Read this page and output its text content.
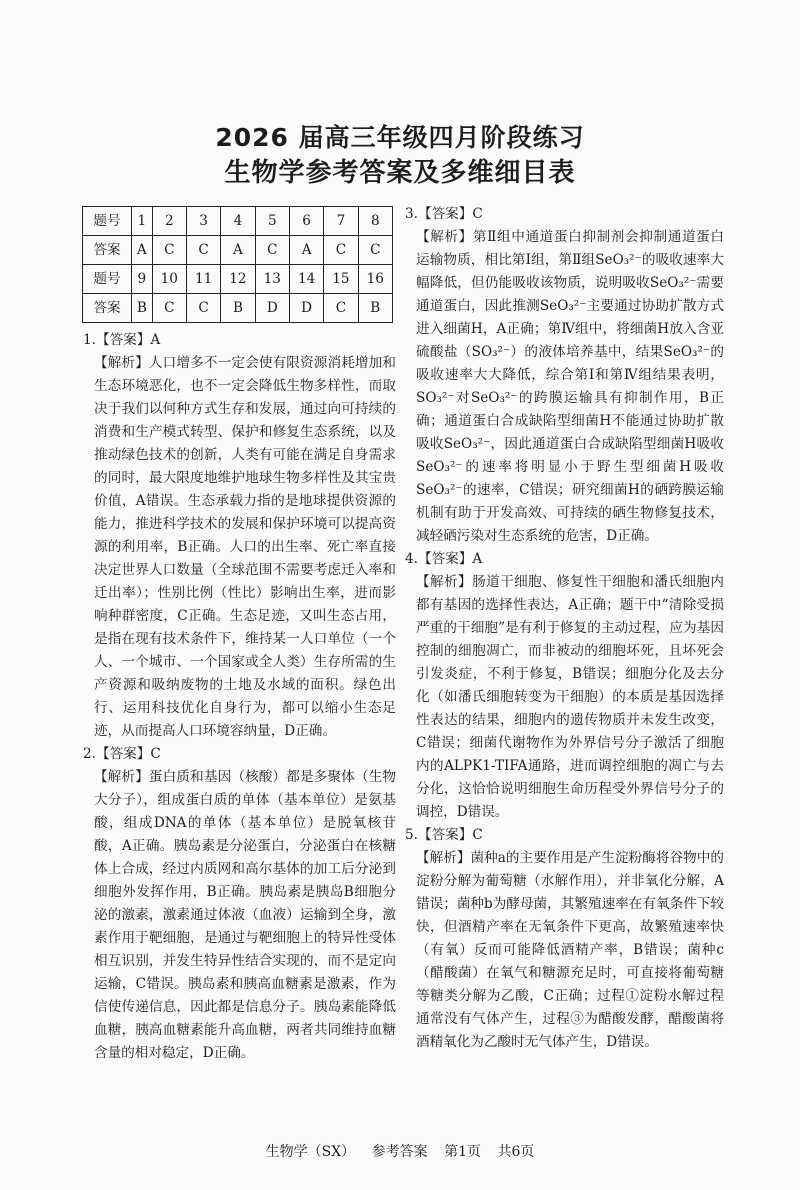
2026 届高三年级四月阶段练习
生物学参考答案及多维细目表
题号	1	2	3	4	5	6	7	8
答案	A	C	C	A	C	A	C	C
题号	9	10	11	12	13	14	15	16
答案	B	C	C	B	D	D	C	B
1.【答案】A

【解析】人口增多不一定会使有限资源消耗增加和生态环境恶化，也不一定会降低生物多样性，而取决于我们以何种方式生存和发展，通过向可持续的消费和生产模式转型、保护和修复生态系统，以及推动绿色技术的创新，人类有可能在满足自身需求的同时，最大限度地维护地球生物多样性及其宝贵价值，A错误。生态承载力指的是地球提供资源的能力，推进科学技术的发展和保护环境可以提高资源的利用率，B正确。人口的出生率、死亡率直接决定世界人口数量（全球范围不需要考虑迁入率和迁出率）；性别比例（性比）影响出生率，进而影响种群密度，C正确。生态足迹，又叫生态占用，是指在现有技术条件下，维持某一人口单位（一个人、一个城市、一个国家或全人类）生存所需的生产资源和吸纳废物的土地及水域的面积。绿色出行、运用科技优化自身行为，都可以缩小生态足迹，从而提高人口环境容纳量，D正确。

2.【答案】C

【解析】蛋白质和基因（核酸）都是多聚体（生物大分子），组成蛋白质的单体（基本单位）是氨基酸，组成DNA的单体（基本单位）是脱氧核苷酸，A正确。胰岛素是分泌蛋白，分泌蛋白在核糖体上合成，经过内质网和高尔基体的加工后分泌到细胞外发挥作用，B正确。胰岛素是胰岛B细胞分泌的激素，激素通过体液（血液）运输到全身，激素作用于靶细胞，是通过与靶细胞上的特异性受体相互识别，并发生特异性结合实现的，而不是定向运输，C错误。胰岛素和胰高血糖素是激素，作为信使传递信息，因此都是信息分子。胰岛素能降低血糖，胰高血糖素能升高血糖，两者共同维持血糖含量的相对稳定，D正确。

3.【答案】C

【解析】第Ⅱ组中通道蛋白抑制剂会抑制通道蛋白运输物质，相比第Ⅰ组，第Ⅱ组SeO₃²⁻的吸收速率大幅降低，但仍能吸收该物质，说明吸收SeO₃²⁻需要通道蛋白，因此推测SeO₃²⁻主要通过协助扩散方式进入细菌H，A正确；第Ⅳ组中，将细菌H放入含亚硫酸盐（SO₃²⁻）的液体培养基中，结果SeO₃²⁻的吸收速率大大降低，综合第Ⅰ和第Ⅳ组结果表明，SO₃²⁻对SeO₃²⁻的跨膜运输具有抑制作用，B正确；通道蛋白合成缺陷型细菌H不能通过协助扩散吸收SeO₃²⁻，因此通道蛋白合成缺陷型细菌H吸收SeO₃²⁻的速率将明显小于野生型细菌H吸收SeO₃²⁻的速率，C错误；研究细菌H的硒跨膜运输机制有助于开发高效、可持续的硒生物修复技术，减轻硒污染对生态系统的危害，D正确。

4.【答案】A

【解析】肠道干细胞、修复性干细胞和潘氏细胞内都有基因的选择性表达，A正确；题干中“清除受损严重的干细胞”是有利于修复的主动过程，应为基因控制的细胞凋亡，而非被动的细胞坏死，且坏死会引发炎症，不利于修复，B错误；细胞分化及去分化（如潘氏细胞转变为干细胞）的本质是基因选择性表达的结果，细胞内的遗传物质并未发生改变，C错误；细菌代谢物作为外界信号分子激活了细胞内的ALPK1-TIFA通路，进而调控细胞的凋亡与去分化，这恰恰说明细胞生命历程受外界信号分子的调控，D错误。

5.【答案】C

【解析】菌种a的主要作用是产生淀粉酶将谷物中的淀粉分解为葡萄糖（水解作用），并非氧化分解，A错误；菌种b为酵母菌，其繁殖速率在有氧条件下较快，但酒精产率在无氧条件下更高，故繁殖速率快（有氧）反而可能降低酒精产率，B错误；菌种c（醋酸菌）在氧气和糖源充足时，可直接将葡萄糖等糖类分解为乙酸，C正确；过程①淀粉水解过程通常没有气体产生，过程③为醋酸发酵，醋酸菌将酒精氧化为乙酸时无气体产生，D错误。

生物学（SX） 参考答案 第1页 共6页
